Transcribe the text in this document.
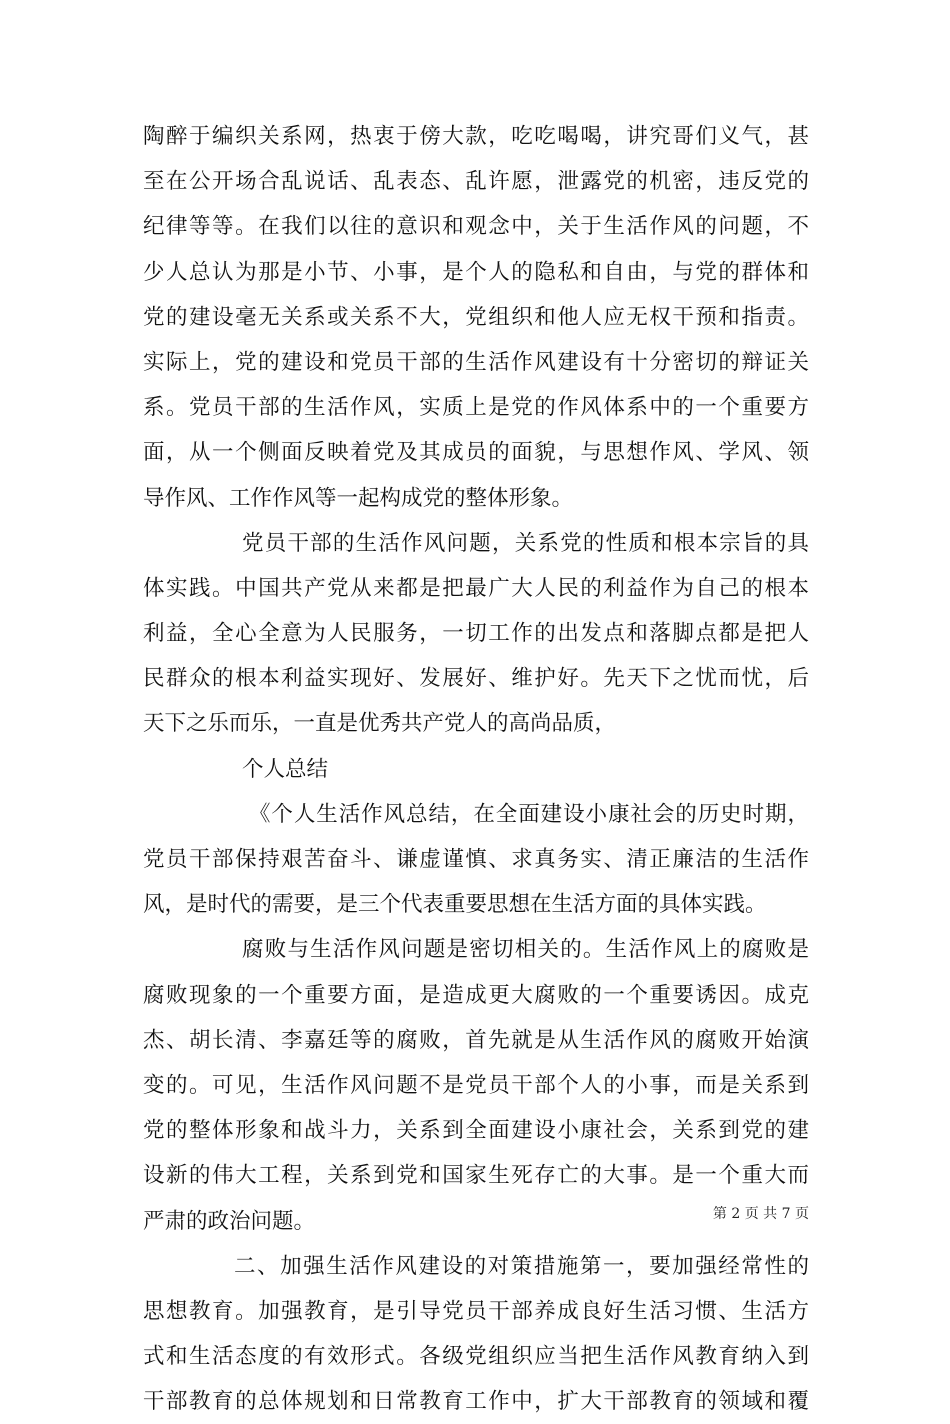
陶醉于编织关系网，热衷于傍大款，吃吃喝喝，讲究哥们义气，甚
至在公开场合乱说话、乱表态、乱许愿，泄露党的机密，违反党的
纪律等等。在我们以往的意识和观念中，关于生活作风的问题，不
少人总认为那是小节、小事，是个人的隐私和自由，与党的群体和
党的建设毫无关系或关系不大，党组织和他人应无权干预和指责。
实际上，党的建设和党员干部的生活作风建设有十分密切的辩证关
系。党员干部的生活作风，实质上是党的作风体系中的一个重要方
面，从一个侧面反映着党及其成员的面貌，与思想作风、学风、领
导作风、工作作风等一起构成党的整体形象。
党员干部的生活作风问题，关系党的性质和根本宗旨的具
体实践。中国共产党从来都是把最广大人民的利益作为自己的根本
利益，全心全意为人民服务，一切工作的出发点和落脚点都是把人
民群众的根本利益实现好、发展好、维护好。先天下之忧而忧，后
天下之乐而乐，一直是优秀共产党人的高尚品质，
个人总结
《个人生活作风总结，在全面建设小康社会的历史时期，
党员干部保持艰苦奋斗、谦虚谨慎、求真务实、清正廉洁的生活作
风，是时代的需要，是三个代表重要思想在生活方面的具体实践。
腐败与生活作风问题是密切相关的。生活作风上的腐败是
腐败现象的一个重要方面，是造成更大腐败的一个重要诱因。成克
杰、胡长清、李嘉廷等的腐败，首先就是从生活作风的腐败开始演
变的。可见，生活作风问题不是党员干部个人的小事，而是关系到
党的整体形象和战斗力，关系到全面建设小康社会，关系到党的建
设新的伟大工程，关系到党和国家生死存亡的大事。是一个重大而
严肃的政治问题。
二、加强生活作风建设的对策措施第一，要加强经常性的
思想教育。加强教育，是引导党员干部养成良好生活习惯、生活方
式和生活态度的有效形式。各级党组织应当把生活作风教育纳入到
干部教育的总体规划和日常教育工作中，扩大干部教育的领域和覆
第 2 页 共 7 页
